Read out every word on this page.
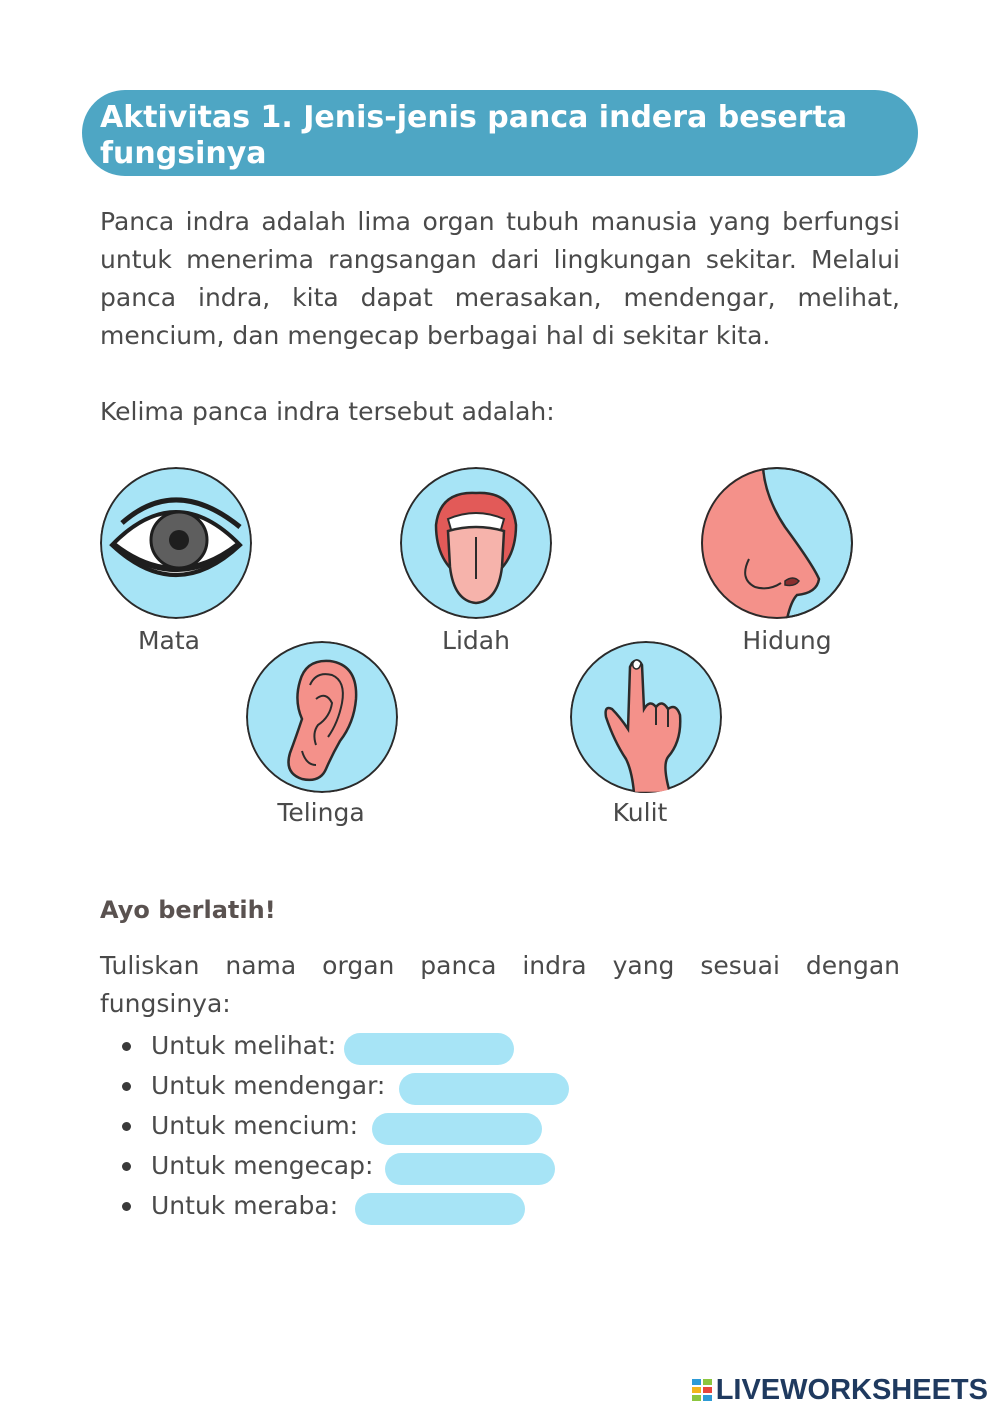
Aktivitas 1. Jenis-jenis panca indera beserta fungsinya

Panca indra adalah lima organ tubuh manusia yang berfungsi untuk menerima rangsangan dari lingkungan sekitar. Melalui panca indra, kita dapat merasakan, mendengar, melihat, mencium, dan mengecap berbagai hal di sekitar kita.

Kelima panca indra tersebut adalah:

Mata	Lidah	Hidung

Telinga	Kulit

Ayo berlatih!

Tuliskan nama organ panca indra yang sesuai dengan fungsinya:

Untuk melihat:
Untuk mendengar:
Untuk mencium:
Untuk mengecap:
Untuk meraba:
LIVEWORKSHEETS
